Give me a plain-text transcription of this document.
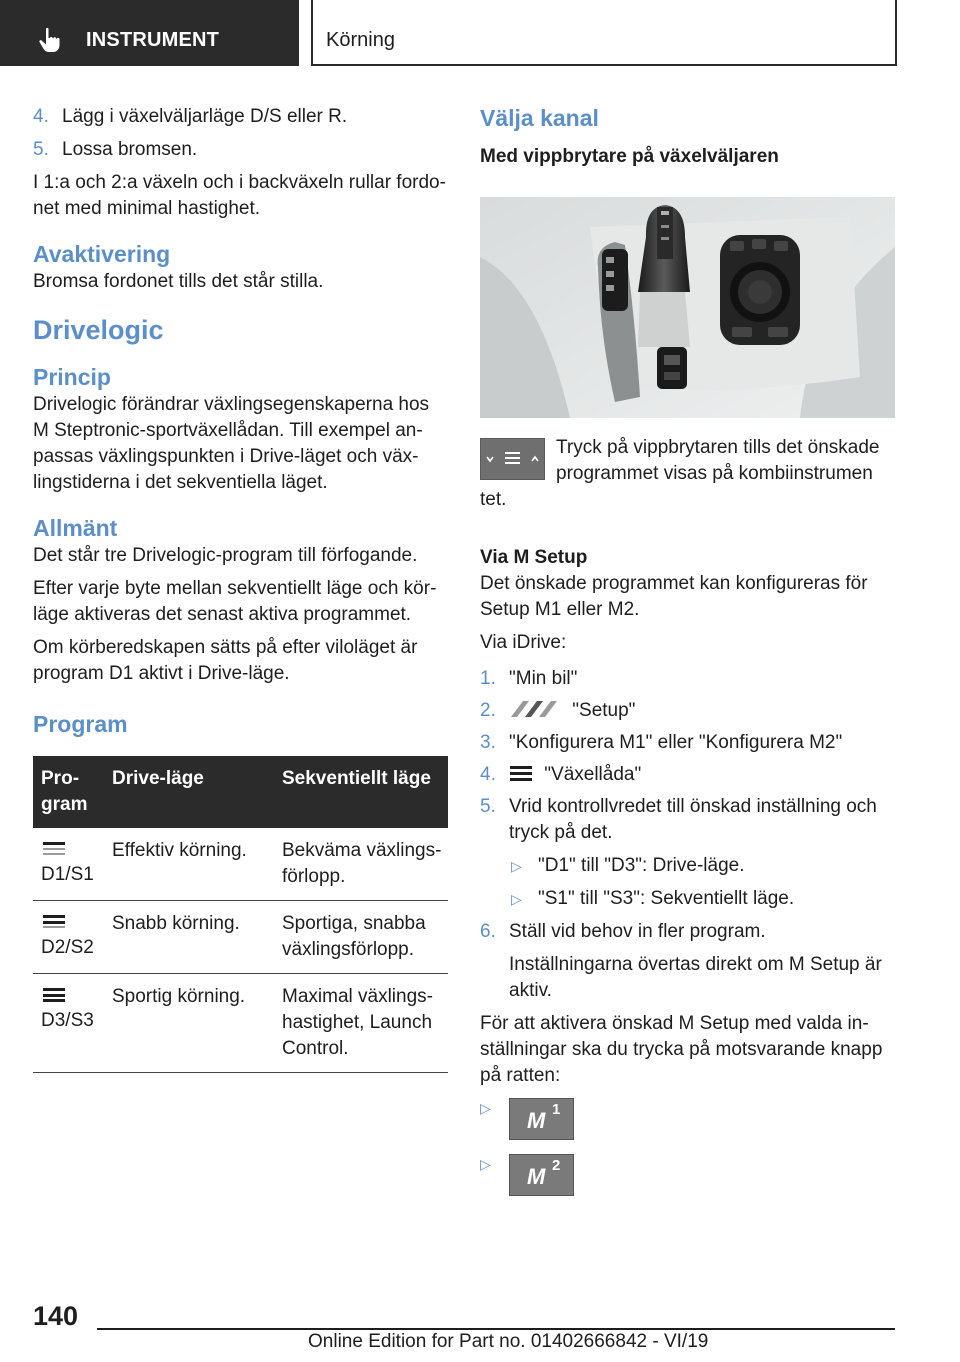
INSTRUMENT	Körning
4. Lägg i växelväljarläge D/S eller R.
5. Lossa bromsen.

I 1:a och 2:a växeln och i backväxeln rullar fordonet med minimal hastighet.

Avaktivering

Bromsa fordonet tills det står stilla.

Drivelogic

Princip

Drivelogic förändrar växlingsegenskaperna hos M Steptronic-sportväxellådan. Till exempel anpassas växlingspunkten i Drive-läget och växlingstiderna i det sekventiella läget.

Allmänt

Det står tre Drivelogic-program till förfogande.

Efter varje byte mellan sekventiellt läge och körläge aktiveras det senast aktiva programmet.

Om körberedskapen sätts på efter viloläget är program D1 aktivt i Drive-läge.

Program

Program	Drive-läge	Sekventiellt läge

D1/S1	Effektiv körning.	Bekväma växlingsförlopp.

D2/S2	Snabb körning.	Sportiga, snabba växlingsförlopp.

D3/S3	Sportig körning.	Maximal växlingshastighet, Launch Control.

Välja kanal

Med vippbrytare på växelväljaren

Tryck på vippbrytaren tills det önskade programmet visas på kombiinstrumen

tet.

Via M Setup

Det önskade programmet kan konfigureras för Setup M1 eller M2.

Via iDrive:

1. "Min bil"
2.	"Setup"
3. "Konfigurera M1" eller "Konfigurera M2"
4.	"Växellåda"
5. Vrid kontrollvredet till önskad inställning och tryck på det.
▷ "D1" till "D3": Drive-läge.
▷ "S1" till "S3": Sekventiellt läge.
6. Ställ vid behov in fler program.

Inställningarna övertas direkt om M Setup är aktiv.

För att aktivera önskad M Setup med valda inställningar ska du trycka på motsvarande knapp på ratten:

▷ M 1
▷ M 2
140
Online Edition for Part no. 01402666842 - VI/19
